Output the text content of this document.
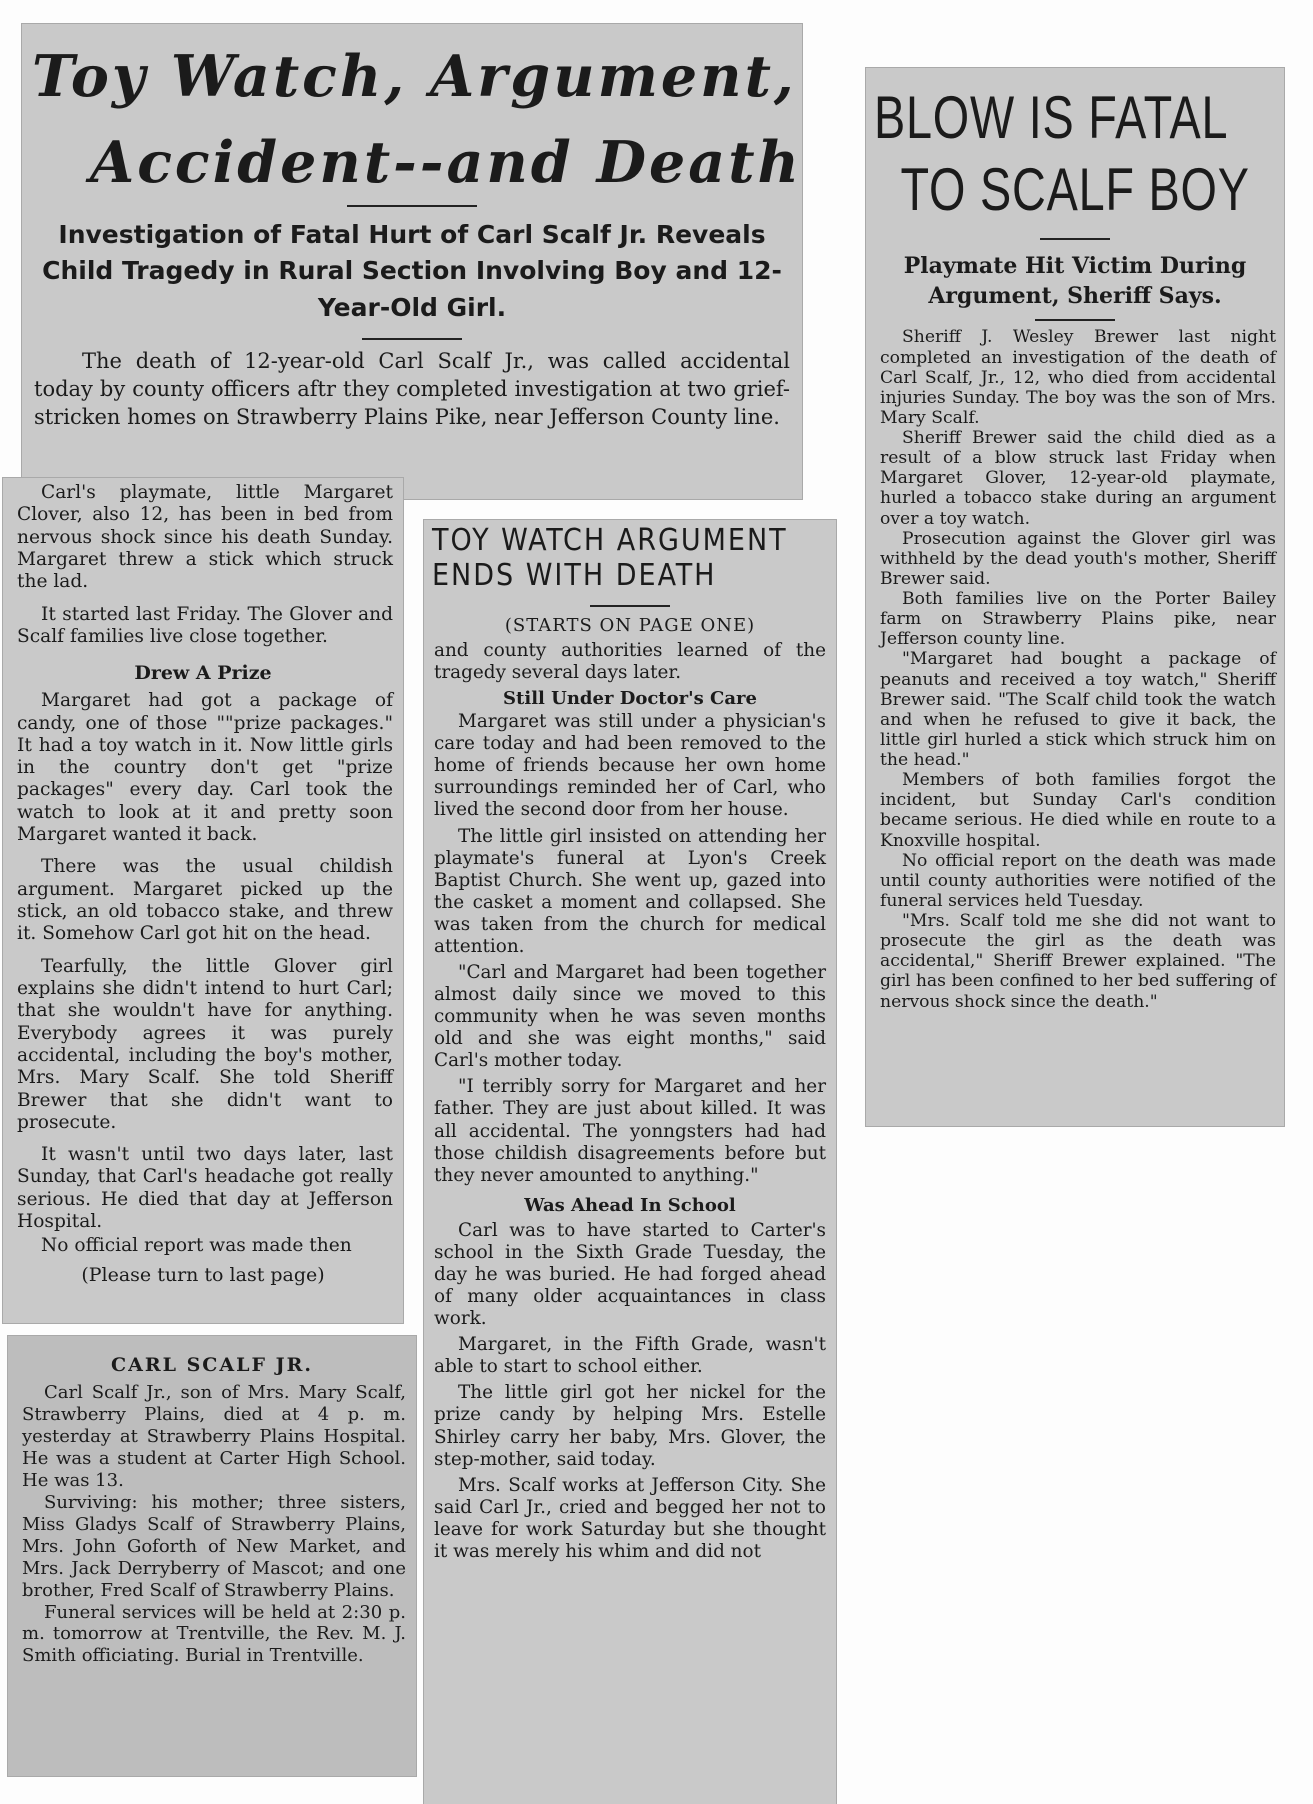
Toy Watch, Argument,
Accident--and Death
Investigation of Fatal Hurt of Carl Scalf Jr. Reveals Child Tragedy in Rural Section Involving Boy and 12-Year-Old Girl.

The death of 12-year-old Carl Scalf Jr., was called accidental today by county officers aftr they completed investigation at two grief-stricken homes on Strawberry Plains Pike, near Jefferson County line.

Carl's playmate, little Margaret Clover, also 12, has been in bed from nervous shock since his death Sunday. Margaret threw a stick which struck the lad.

It started last Friday. The Glover and Scalf families live close together.

Drew A Prize

Margaret had got a package of candy, one of those ""prize packages." It had a toy watch in it. Now little girls in the country don't get "prize packages" every day. Carl took the watch to look at it and pretty soon Margaret wanted it back.

There was the usual childish argument. Margaret picked up the stick, an old tobacco stake, and threw it. Somehow Carl got hit on the head.

Tearfully, the little Glover girl explains she didn't intend to hurt Carl; that she wouldn't have for anything. Everybody agrees it was purely accidental, including the boy's mother, Mrs. Mary Scalf. She told Sheriff Brewer that she didn't want to prosecute.

It wasn't until two days later, last Sunday, that Carl's headache got really serious. He died that day at Jefferson Hospital.

No official report was made then

(Please turn to last page)
TOY WATCH ARGUMENT ENDS WITH DEATH
(STARTS ON PAGE ONE)

and county authorities learned of the tragedy several days later.

Still Under Doctor's Care

Margaret was still under a physician's care today and had been removed to the home of friends because her own home surroundings reminded her of Carl, who lived the second door from her house.

The little girl insisted on attending her playmate's funeral at Lyon's Creek Baptist Church. She went up, gazed into the casket a moment and collapsed. She was taken from the church for medical attention.

"Carl and Margaret had been together almost daily since we moved to this community when he was seven months old and she was eight months," said Carl's mother today.

"I terribly sorry for Margaret and her father. They are just about killed. It was all accidental. The yonngsters had had those childish disagreements before but they never amounted to anything."

Was Ahead In School

Carl was to have started to Carter's school in the Sixth Grade Tuesday, the day he was buried. He had forged ahead of many older acquaintances in class work.

Margaret, in the Fifth Grade, wasn't able to start to school either.

The little girl got her nickel for the prize candy by helping Mrs. Estelle Shirley carry her baby, Mrs. Glover, the step-mother, said today.

Mrs. Scalf works at Jefferson City. She said Carl Jr., cried and begged her not to leave for work Saturday but she thought it was merely his whim and did not

BLOW IS FATAL
TO SCALF BOY
Playmate Hit Victim During Argument, Sheriff Says.

Sheriff J. Wesley Brewer last night completed an investigation of the death of Carl Scalf, Jr., 12, who died from accidental injuries Sunday. The boy was the son of Mrs. Mary Scalf.

Sheriff Brewer said the child died as a result of a blow struck last Friday when Margaret Glover, 12-year-old playmate, hurled a tobacco stake during an argument over a toy watch.

Prosecution against the Glover girl was withheld by the dead youth's mother, Sheriff Brewer said.

Both families live on the Porter Bailey farm on Strawberry Plains pike, near Jefferson county line.

"Margaret had bought a package of peanuts and received a toy watch," Sheriff Brewer said. "The Scalf child took the watch and when he refused to give it back, the little girl hurled a stick which struck him on the head."

Members of both families forgot the incident, but Sunday Carl's condition became serious. He died while en route to a Knoxville hospital.

No official report on the death was made until county authorities were notified of the funeral services held Tuesday.

"Mrs. Scalf told me she did not want to prosecute the girl as the death was accidental," Sheriff Brewer explained. "The girl has been confined to her bed suffering of nervous shock since the death."

CARL SCALF JR.

Carl Scalf Jr., son of Mrs. Mary Scalf, Strawberry Plains, died at 4 p. m. yesterday at Strawberry Plains Hospital. He was a student at Carter High School. He was 13.

Surviving: his mother; three sisters, Miss Gladys Scalf of Strawberry Plains, Mrs. John Goforth of New Market, and Mrs. Jack Derryberry of Mascot; and one brother, Fred Scalf of Strawberry Plains.

Funeral services will be held at 2:30 p. m. tomorrow at Trentville, the Rev. M. J. Smith officiating. Burial in Trentville.
